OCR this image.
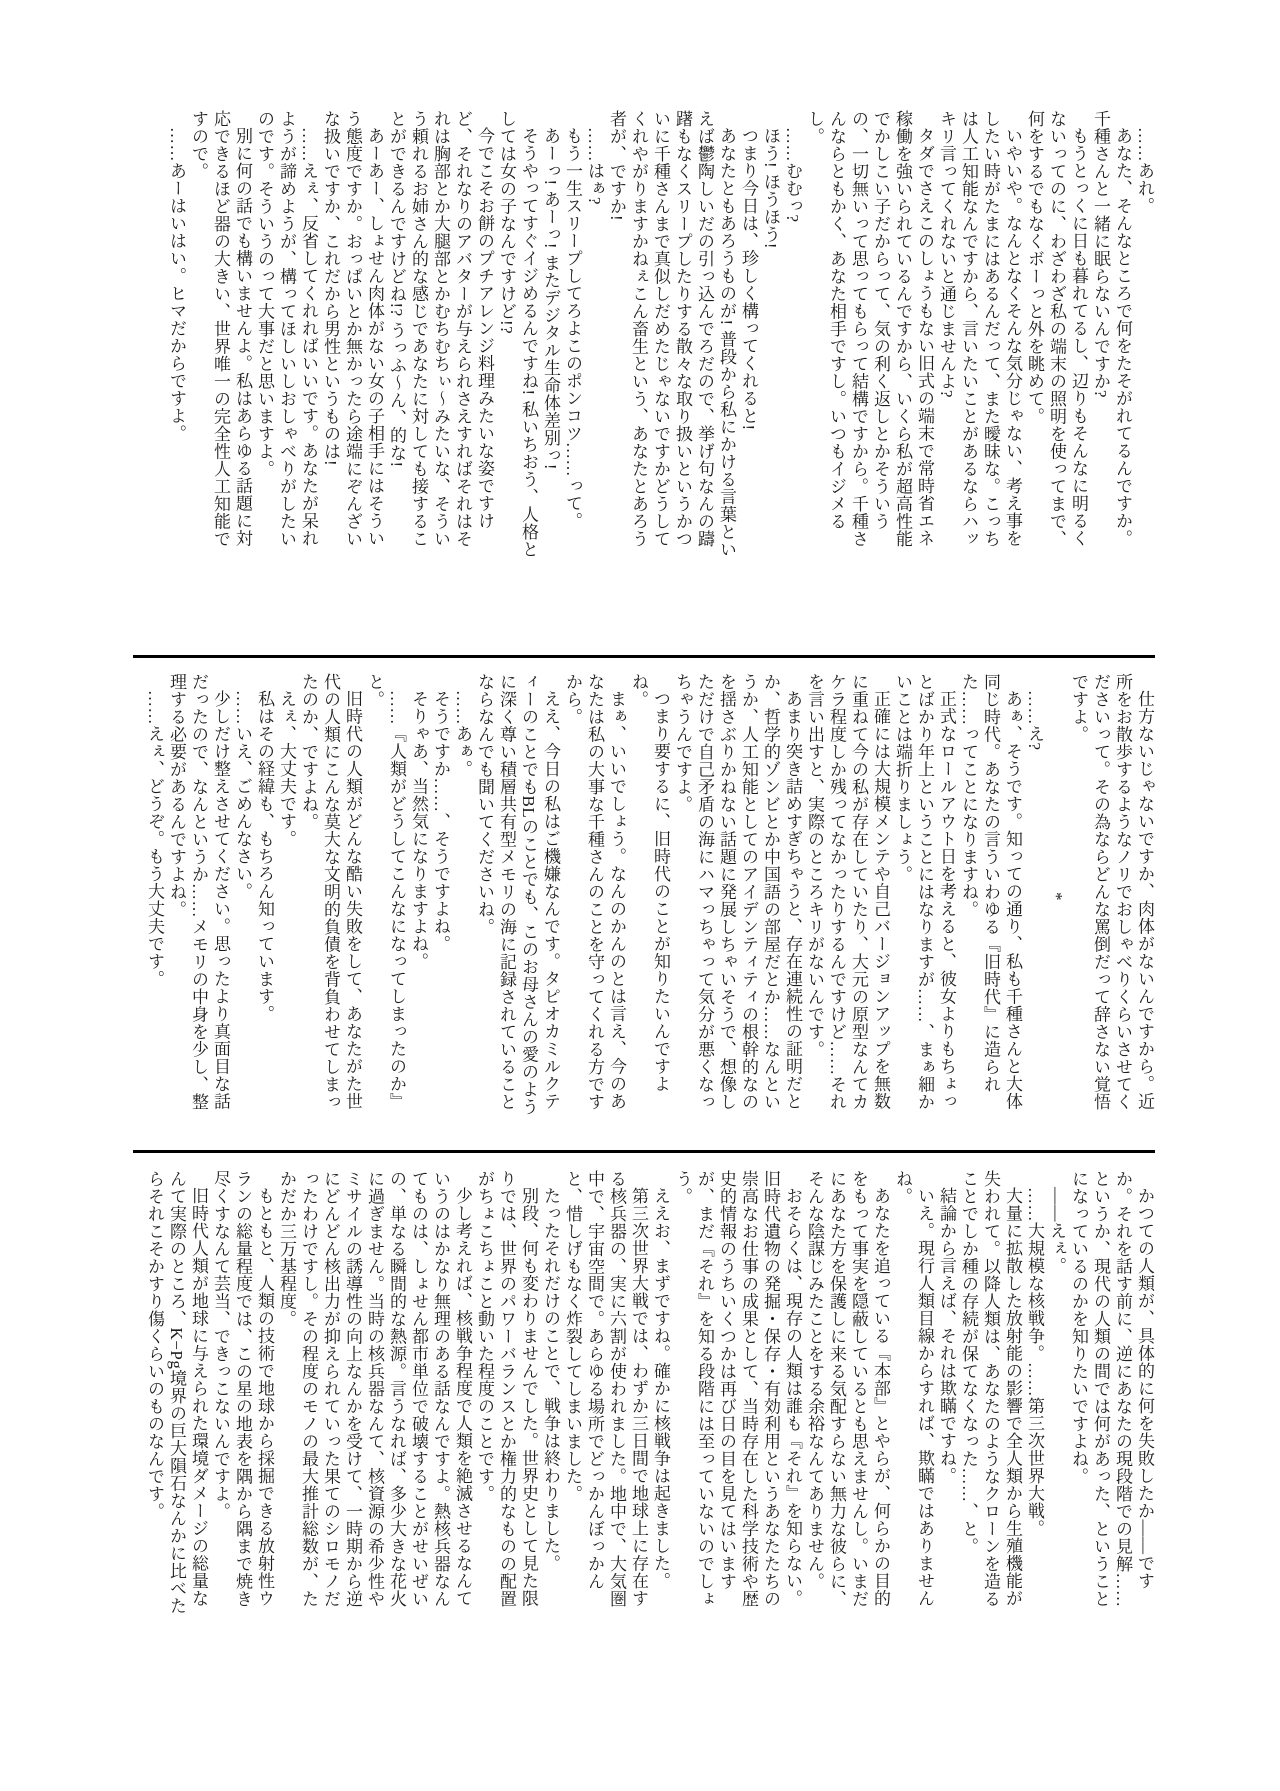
……あれ。

あなた、そんなところで何をたそがれてるんですか。千種さんと一緒に眠らないんですか?

もうとっくに日も暮れてるし、辺りもそんなに明るくないってのに、わざわざ私の端末の照明を使ってまで、何をするでもなくボーっと外を眺めて。

いやいや。なんとなくそんな気分じゃない、考え事をしたい時がたまにはあるんだって、また曖昧な。こっちは人工知能なんですから、言いたいことがあるならハッキリ言ってくれないと通じませんよ?

タダでさえこのしょうもない旧式の端末で常時省エネ稼働を強いられているんですから、いくら私が超高性能でかしこい子だからって、気の利く返しとかそういうの、一切無いって思ってもらって結構ですから。千種さんならともかく、あなた相手ですし。いつもイジメるし。

……むむっ?

ほう! ほうほう!

つまり今日は、珍しく構ってくれると!

あなたともあろうものが! 普段から私にかける言葉といえば鬱陶しいだの引っ込んでろだので、挙げ句なんの躊躇もなくスリープしたりする散々な取り扱いというかついに千種さんまで真似しだめたじゃないですかどうしてくれやがりますかねぇこん畜生という、あなたとあろう者が、ですか!

……はぁ?

もう一生スリープしてろよこのポンコツ……って。

あーっ! あーっ! またデジタル生命体差別っ!

そうやってすぐイジめるんですね! 私いちおう、人格としては女の子なんですけど!?

今でこそお餅のプチアレンジ料理みたいな姿ですけど、それなりのアバターが与えられさえすればそれはそれは胸部とか大腿部とかむちむちぃ〜みたいな、そういう頼れるお姉さん的な感じであなたに対しても接することができるんですけどね!? うっふ〜ん、的な!

あーあー、しょせん肉体がない女の子相手にはそういう態度ですか。おっぱいとか無かったら途端にぞんざいな扱いですか、これだから男性というものは!

……えぇ、反省してくれればいいです。あなたが呆れようが諦めようが、構ってほしいしおしゃべりがしたいのです。そういうのって大事だと思いますよ。

別に何の話でも構いませんよ。私はあらゆる話題に対応できるほど器の大きい、世界唯一の完全性人工知能ですので。

……あーはいはい。ヒマだからですよ。

仕方ないじゃないですか、肉体がないんですから。近所をお散歩するようなノリでおしゃべりくらいさせてくださいって。その為ならどんな罵倒だって辞さない覚悟ですよ。

*

……え?

あぁ、そうです。知っての通り、私も千種さんと大体同じ時代。あなたの言ういわゆる『旧時代』に造られた……ってことになりますね。

正式なロールアウト日を考えると、彼女よりもちょっとばかり年上ということにはなりますが……、まぁ細かいことは端折りましょう。

正確には大規模メンテや自己バージョンアップを無数に重ねて今の私が存在していたり、大元の原型なんてカケラ程度しか残ってなかったりするんですけど……それを言い出すと、実際のところキリがないんです。

あまり突き詰めすぎちゃうと、存在連続性の証明だとか、哲学的ゾンビとか中国語の部屋だとか……なんというか、人工知能としてのアイデンティティの根幹的なのを揺さぶりかねない話題に発展しちゃいそうで、想像しただけで自己矛盾の海にハマっちゃって気分が悪くなっちゃうんですよ。

つまり要するに、旧時代のことが知りたいんですよね。

まぁ、いいでしょう。なんのかんのとは言え、今のあなたは私の大事な千種さんのことを守ってくれる方ですから。

ええ、今日の私はご機嫌なんです。タピオカミルクティーのことでもBLのことでも、このお母さんの愛のように深く尊い積層共有型メモリの海に記録されていることならなんでも聞いてくださいね。

……あぁ。

そうですか……、そうですよね。

そりゃあ、当然気になりますよね。

……『人類がどうしてこんなになってしまったのか』と。

旧時代の人類がどんな酷い失敗をして、あなたがた世代の人類にこんな莫大な文明的負債を背負わせてしまったのか、ですよね。

えぇ、大丈夫です。

私はその経緯も、もちろん知っています。

……いえ、ごめんなさい。

少しだけ整えさせてください。思ったより真面目な話だったので、なんというか……メモリの中身を少し、整理する必要があるんですよね。

……えぇ、どうぞ。もう大丈夫です。

かつての人類が、具体的に何を失敗したか――ですか。それを話す前に、逆にあなたの現段階での見解……というか、現代の人類の間では何があった、ということになっているのかを知りたいですよね。

――えぇ。

……大規模な核戦争。……第三次世界大戦。

大量に拡散した放射能の影響で全人類から生殖機能が失われて。以降人類は、あなたのようなクローンを造ることでしか種の存続が保てなくなった……、と。

結論から言えば、それは欺瞞ですね。

いえ。現行人類目線からすれば、欺瞞ではありませんね。

あなたを追っている『本部』とやらが、何らかの目的をもって事実を隠蔽しているとも思えませんし。いまだにあなた方を保護しに来る気配すらない無力な彼らに、そんな陰謀じみたことをする余裕なんてありません。

おそらくは、現存の人類は誰も『それ』を知らない。旧時代遺物の発掘・保存・有効利用というあなたたちの崇高なお仕事の成果として、当時存在した科学技術や歴史的情報のうちいくつかは再び日の目を見てはいますが、まだ『それ』を知る段階には至っていないのでしょう。

ええお、まずですね。確かに核戦争は起きました。

第三次世界大戦では、わずか三日間で地球上に存在する核兵器の、実に六割が使われました。地中で、大気圏中で、宇宙空間で。あらゆる場所でどっかんぼっかんと、惜しげもなく炸裂してしまいました。

たったそれだけのことで、戦争は終わりました。

別段、何も変わりませんでした。世界史として見た限りでは、世界のパワーバランスとか権力的なものの配置がちょこちょこと動いた程度のことです。

少し考えれば、核戦争程度で人類を絶滅させるなんていうのはかなり無理のある話なんですよ。熱核兵器なんてものは、しょせん都市単位で破壊することがせいぜいの、単なる瞬間的な熱源。言うなれば、多少大きな花火に過ぎません。当時の核兵器なんて、核資源の希少性やミサイルの誘導性の向上なんかを受けて、一時期から逆にどんどん核出力が抑えられていった果てのシロモノだったわけですし。その程度のモノの最大推計総数が、たかだか三万基程度。

もともと、人類の技術で地球から採掘できる放射性ウランの総量程度では、この星の地表を隅から隅まで焼き尽くすなんて芸当、できっこないんですよ。

旧時代人類が地球に与えられた環境ダメージの総量なんて実際のところ、K−Pg境界の巨大隕石なんかに比べたらそれこそかすり傷くらいのものなんです。
